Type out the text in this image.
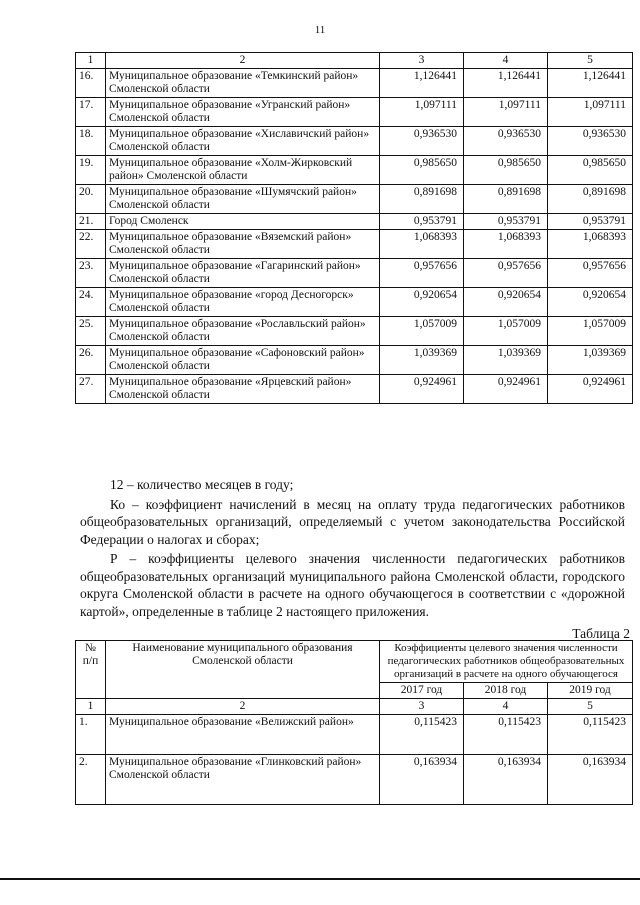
11
1	2	3	4	5
16.	Муниципальное образование «Темкинский район» Смоленской области	1,126441	1,126441	1,126441
17.	Муниципальное образование «Угранский район» Смоленской области	1,097111	1,097111	1,097111
18.	Муниципальное образование «Хиславичский район» Смоленской области	0,936530	0,936530	0,936530
19.	Муниципальное образование «Холм-Жирковский район» Смоленской области	0,985650	0,985650	0,985650
20.	Муниципальное образование «Шумячский район» Смоленской области	0,891698	0,891698	0,891698
21.	Город Смоленск	0,953791	0,953791	0,953791
22.	Муниципальное образование «Вяземский район» Смоленской области	1,068393	1,068393	1,068393
23.	Муниципальное образование «Гагаринский район» Смоленской области	0,957656	0,957656	0,957656
24.	Муниципальное образование «город Десногорск» Смоленской области	0,920654	0,920654	0,920654
25.	Муниципальное образование «Рославльский район» Смоленской области	1,057009	1,057009	1,057009
26.	Муниципальное образование «Сафоновский район» Смоленской области	1,039369	1,039369	1,039369
27.	Муниципальное образование «Ярцевский район» Смоленской области	0,924961	0,924961	0,924961

12 – количество месяцев в году;

Ко – коэффициент начислений в месяц на оплату труда педагогических работников общеобразовательных организаций, определяемый с учетом законодательства Российской Федерации о налогах и сборах;

Р – коэффициенты целевого значения численности педагогических работников общеобразовательных организаций муниципального района Смоленской области, городского округа Смоленской области в расчете на одного обучающегося в соответствии с «дорожной картой», определенные в таблице 2 настоящего приложения.

Таблица 2
№ п/п	Наименование муниципального образования Смоленской области	Коэффициенты целевого значения численности педагогических работников общеобразовательных организаций в расчете на одного обучающегося		
		2017 год	2018 год	2019 год
1	2	3	4	5
1.	Муниципальное образование «Велижский район»	0,115423	0,115423	0,115423
2.	Муниципальное образование «Глинковский район» Смоленской области	0,163934	0,163934	0,163934
